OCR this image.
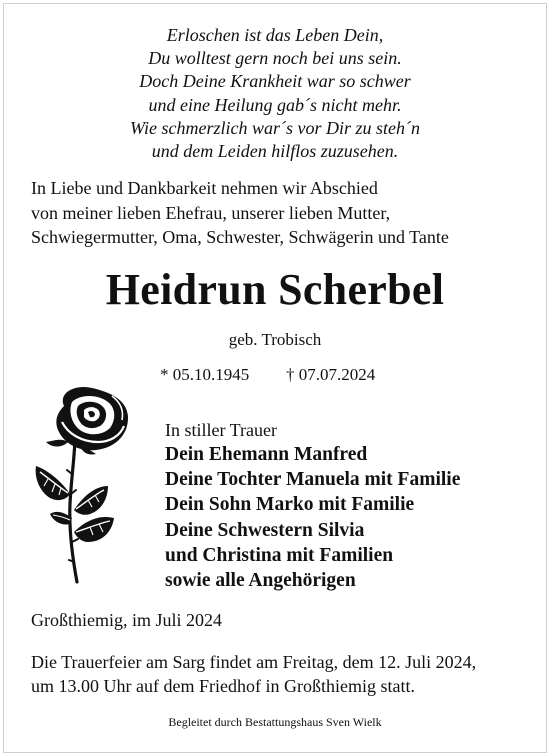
Erloschen ist das Leben Dein,
Du wolltest gern noch bei uns sein.
Doch Deine Krankheit war so schwer
und eine Heilung gab´s nicht mehr.
Wie schmerzlich war´s vor Dir zu steh´n
und dem Leiden hilflos zuzusehen.

In Liebe und Dankbarkeit nehmen wir Abschied
von meiner lieben Ehefrau, unserer lieben Mutter,
Schwiegermutter, Oma, Schwester, Schwägerin und Tante

Heidrun Scherbel

geb. Trobisch

* 05.10.1945 † 07.07.2024
In stiller Trauer
Dein Ehemann Manfred
Deine Tochter Manuela mit Familie
Dein Sohn Marko mit Familie
Deine Schwestern Silvia
und Christina mit Familien
sowie alle Angehörigen

Großthiemig, im Juli 2024

Die Trauerfeier am Sarg findet am Freitag, dem 12. Juli 2024,
um 13.00 Uhr auf dem Friedhof in Großthiemig statt.

Begleitet durch Bestattungshaus Sven Wielk
